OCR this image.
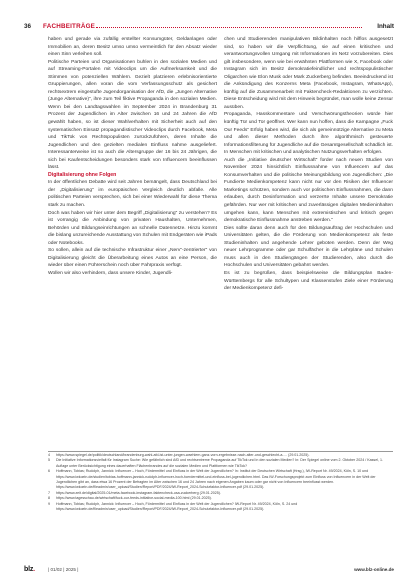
36 FACHBEITRÄGE	Inhalt

haben und gerade via zufällig erstellter Konsumgüter, Geldanlagen oder Immobilien an, deren Besitz umso umso vermeintlich für den Absatz wieder einen Sinn verleihen soll.

Politische Parteien und Organisationen buhlen in den sozialen Medien und auf Streaming-Portalen mit Videoclips um die Aufmerksamkeit und die Stimmen von potenziellen Wählern. Gezielt platzieren erlebnisorientierte Gruppierungen, allen voran die vom Verfassungsschutz als gesichert rechtsextrem eingestufte Jugendorganisation der AfD, die „Jungen Alternative (Junge Alternative)“, ihre zum Teil fiktive Propaganda in den sozialen Medien. Wenn bei den Landtagswahlen im September 2024 in Brandenburg 31 Prozent der Jugendlichen im Alter zwischen 16 und 24 Jahren die AfD gewählt haben, so ist dieser Wahlverhalten mit Sicherheit auch auf den systematischen Einsatz propagandistischer Videoclips durch Facebook, Meta und TikTok von Rechtspopulisten zurückzuführen, deren Inhalte die Jugendlichen und den gezielten medialen Einfluss nahme ausgeliefert. Interessanterweise ist so auch die Altersgruppe der 16 bis 24 Jährigen, die sich bei Kaufentscheidungen besonders stark von Influencern beeinflussen lässt.

Digitalisierung ohne Folgen

In der öffentlichen Debatte wird seit Jahren bemängelt, dass Deutschland bei der „Digitalisierung“ im europäischen Vergleich deutlich abfalle. Alle politischen Parteien versprechen, sich bei einer Wiederwahl für diese Thema stark zu machen.

Doch was haben wir hier unter dem Begriff „Digitalisierung“ zu verstehen? Es ist vorrangig die Anbindung von privaten Haushalten, Unternehmen, Behörden und Bildungseinrichtungen an schnelle Datennetze. Hinzu kommt die bislang unzureichende Ausstattung von Schulen mit Endgeräten wie iPads oder Notebooks.

So sollen, allein auf die technische Infrastruktur einer „Nerv“-zentrierter“ von Digitalisierung gleicht die Überarbeitung eines Autos an eine Person, die wieder über einen Führerschein noch über Fahrpraxis verfügt.

Wollen wir also verhindern, dass unsere Kinder, Jugendli-

chen und Studierenden manipulativen Bildinhalten noch hilflos ausgesetzt sind, so haben wir die Verpflichtung, sie auf einen kritischen und verantwortungsvollen Umgang mit Informationen im Netz vorzubereiten. Dies gilt insbesondere, wenn wie bei erwähnten Plattformen wie X, Facebook oder Instagram sich im Besitz demokratiefeindlicher und rechtspopulistischer Oligarchen wie Elon Musk oder Mark Zuckerberg befinden. Beeindruckend ist die Ankündigung des Konzerns Meta (Facebook, Instagram, WhatsApp), künftig auf die Zusammenarbeit mit Faktencheck-Redaktionen zu verzichten. Diese Entscheidung wird mit dem Hinweis begründet, man wolle keine Zensur ausüben.

Propaganda, Hasskommentare und Verschwörungstheorien würde hier künftig Tür und Tor geöffnet. Wer kann nun hoffen, dass die Kampagne „Fuck Our Feeds“ Erfolg haben wird, die sich als gemeinnützige Alternative zu Meta und allen dieser Methoden durch ihre algorithmisch gesteuerte Informationsfilterung für Jugendliche auf die Gesamtgesellschaft schädlich ist. In Menschen mit kritischen und analytischen Nutzungsverhalten erfolgen.

Auch die „Initiative deutscher Wirtschaft“ forder nach neuen Studien von November 2024 hinsichtlich Einflussnahme von Influencern auf das Konsumverhalten und die politische Meinungsbildung von Jugendlichen: „Die Fundierte Medienkompetenz kann nicht nur vor den Risiken der Influencer Marketings schützen, sondern auch vor politischen Einflussnahmen, die dann erlauben, durch Desinformation und verzerrte Inhalte unsere Demokratie gefährden. Nur wer mit kritischen und zuverlässigen digitalen Medieninhalten umgehen kann, kann Menschen mit extremistischen und kritisch gegen demokratische Einflussnahme anstreben werden.“

Dies sollte daran denn auch für den Bildungsauftrag der Hochschulen und Universitäten gelten, die die Förderung von Medienkompetenz als feste Studieninhalten und angehende Lehrer geboten werden. Denn der Weg neuer Lehrprogramme oder gar Schulfächer in die Lehrpläne und Schulen muss auch in den Studiengängen der Studierenden, also durch die Hochschulen und Universitäten gebahnt werden.

Es ist zu begrüßen, dass beispielsweise die Bildungsplan Baden-Württembergs für alle Schultypen und Klassenstufen Ziele einer Förderung der Medienkompetenz defi-

4 https://www.spiegel.de/politik/deutschland/brandenburg-wahl-afd-ist-unter-jungen-waehlern-ganz-vorn-ergebnisse-nach-alter-und-geschlecht-a-… (29.01.2025).

5 Die Initiative Informationsvielfalt für Instagram Suche: Wie gefährlich sind AfD und rechtsextreme Propaganda auf TikTok und in den sozialen Medien? In: Der Spiegel online vom 2. Oktober 2024 / Kassel, 1. Auflage unter Berücksichtigung eines dauerhaften Flächenbrandes auf die sozialen Medien und Plattformen wie TikTok?

6 Hoffmann, Tobias; Rudolph, Jannick: Influencer – Hoch, Fördermittel und Einfluss in der Welt der Jugendlichen? In: Institut der Deutschen Wirtschaft (Hrsg.), IW-Report Nr. 49/2024, Köln, S. 10 und https://www.iwkoeln.de/studien/tobias-hoffmann-jannick-rudolph-influencer-hoch-foerdermittel-und-einfluss-bei-jugendlichen.html. Das IW-Forschungsprojekt zum Einfluss von Influencern in der Welt der Jugendlichen gibt an, dass etwa 16 Prozent der Befragten im Alter zwischen 16 und 24 Jahren nach eigenen Angaben kaum oder gar nicht von Influencern beeinflusst werden.

https://www.iwkoeln.de/fileadmin/user_upload/Studien/Report/PDF/2024/IW-Report_2024-Schutzfaktor-Influencer.pdf (29.01.2025).

7 https://www.zeit.de/digital/2025-01/meta-facebook-instagram-faktencheck-usa-zuckerberg (29.01.2025).

8 https://www.tagesschau.de/wirtschaft/fuck-our-feeds-initiative-social-media-100.html (29.01.2025).

9 Hoffmann, Tobias; Rudolph, Jannick: Influencer – Hoch, Fördermittel und Einfluss in der Welt der Jugendlichen? IW-Report Nr. 49/2024, Köln, S. 24 und

https://www.iwkoeln.de/fileadmin/user_upload/Studien/Report/PDF/2024/IW-Report_2024-Schutzfaktor-Influencer.pdf (29.01.2025).

blz.	| 01/02 | 2025 |	www.blz-online.de
